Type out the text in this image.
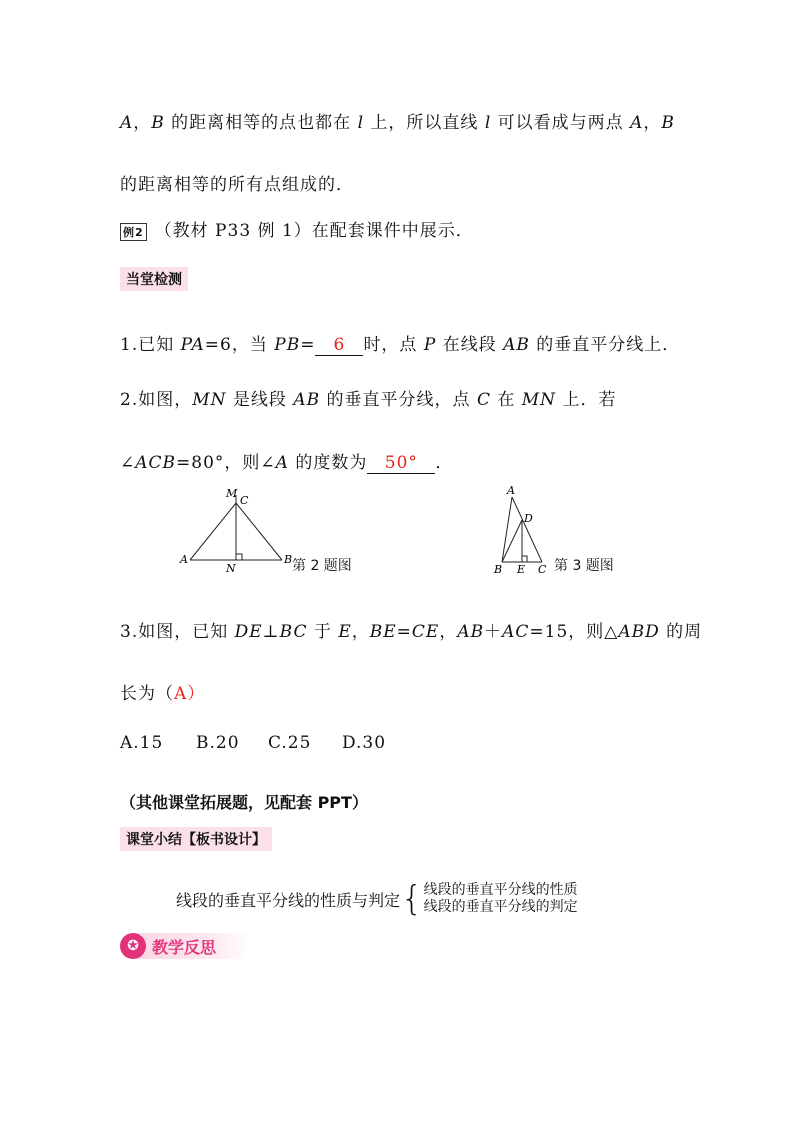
A，B 的距离相等的点也都在 l 上，所以直线 l 可以看成与两点 A，B
的距离相等的所有点组成的．
例2 （教材 P33 例 1）在配套课件中展示．
当堂检测
1.已知 PA=6，当 PB= 6 时，点 P 在线段 AB 的垂直平分线上．
2.如图，MN 是线段 AB 的垂直平分线，点 C 在 MN 上．若
∠ACB=80°，则∠A 的度数为 50° ．
M
C
A	B
N	第 2 题图
A
D
B E C 第 3 题图
3.如图，已知 DE⊥BC 于 E，BE=CE，AB＋AC=15，则△ABD 的周
长为（A）
A.15 B.20 C.25 D.30
（其他课堂拓展题，见配套 PPT）
课堂小结【板书设计】
线段的垂直平分线的性质与判定 { 线段的垂直平分线的性质
线段的垂直平分线的判定
✪ 教学反思
